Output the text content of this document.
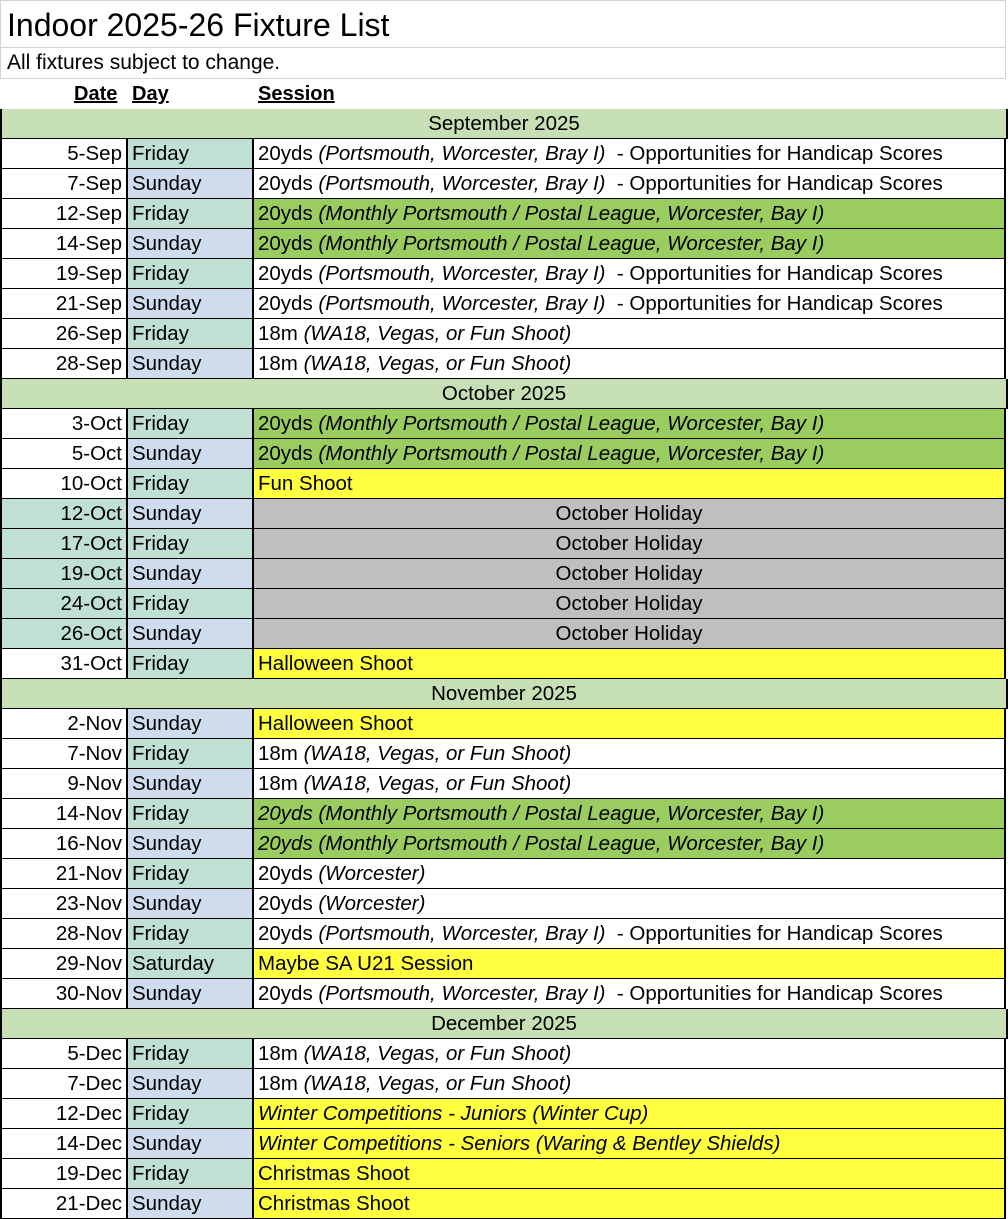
Indoor 2025-26 Fixture List
All fixtures subject to change.
Date Day	Session
September 2025
5-Sep Friday	20yds (Portsmouth, Worcester, Bray I)  - Opportunities for Handicap Scores
7-Sep Sunday	20yds (Portsmouth, Worcester, Bray I)  - Opportunities for Handicap Scores
12-Sep Friday	20yds (Monthly Portsmouth / Postal League, Worcester, Bay I)
14-Sep Sunday	20yds (Monthly Portsmouth / Postal League, Worcester, Bay I)
19-Sep Friday	20yds (Portsmouth, Worcester, Bray I)  - Opportunities for Handicap Scores
21-Sep Sunday	20yds (Portsmouth, Worcester, Bray I)  - Opportunities for Handicap Scores
26-Sep Friday	18m (WA18, Vegas, or Fun Shoot)
28-Sep Sunday	18m (WA18, Vegas, or Fun Shoot)
October 2025
3-Oct Friday	20yds (Monthly Portsmouth / Postal League, Worcester, Bay I)
5-Oct Sunday	20yds (Monthly Portsmouth / Postal League, Worcester, Bay I)
10-Oct Friday	Fun Shoot
12-Oct Sunday	October Holiday
17-Oct Friday	October Holiday
19-Oct Sunday	October Holiday
24-Oct Friday	October Holiday
26-Oct Sunday	October Holiday
31-Oct Friday	Halloween Shoot
November 2025
2-Nov Sunday	Halloween Shoot
7-Nov Friday	18m (WA18, Vegas, or Fun Shoot)
9-Nov Sunday	18m (WA18, Vegas, or Fun Shoot)
14-Nov Friday	20yds (Monthly Portsmouth / Postal League, Worcester, Bay I)
16-Nov Sunday	20yds (Monthly Portsmouth / Postal League, Worcester, Bay I)
21-Nov Friday	20yds (Worcester)
23-Nov Sunday	20yds (Worcester)
28-Nov Friday	20yds (Portsmouth, Worcester, Bray I)  - Opportunities for Handicap Scores
29-Nov Saturday	Maybe SA U21 Session
30-Nov Sunday	20yds (Portsmouth, Worcester, Bray I)  - Opportunities for Handicap Scores
December 2025
5-Dec Friday	18m (WA18, Vegas, or Fun Shoot)
7-Dec Sunday	18m (WA18, Vegas, or Fun Shoot)
12-Dec Friday	Winter Competitions - Juniors (Winter Cup)
14-Dec Sunday	Winter Competitions - Seniors (Waring & Bentley Shields)
19-Dec Friday	Christmas Shoot
21-Dec Sunday	Christmas Shoot
